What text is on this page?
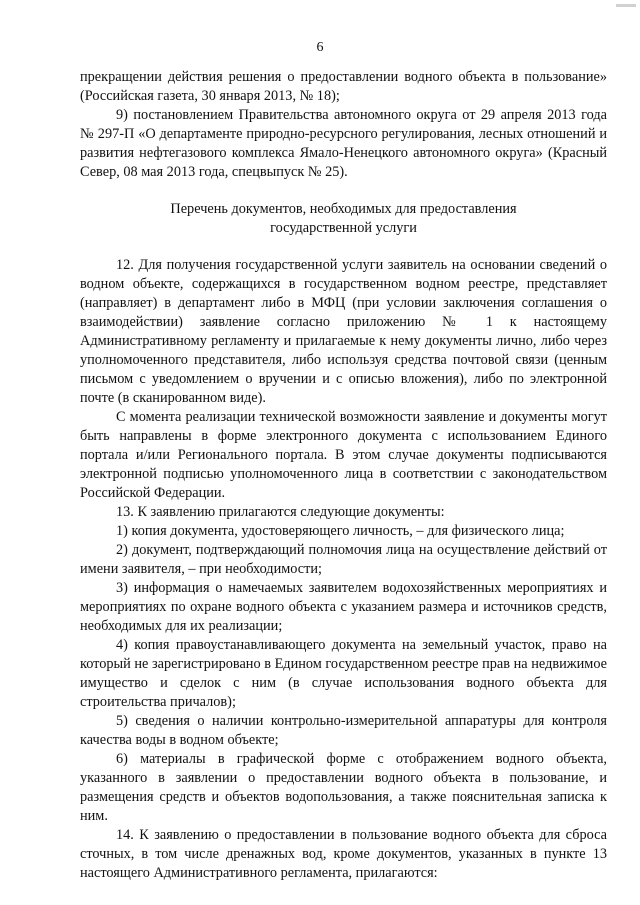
6

прекращении действия решения о предоставлении водного объекта в пользование» (Российская газета, 30 января 2013, № 18);

9) постановлением Правительства автономного округа от 29 апреля 2013 года № 297-П «О департаменте природно-ресурсного регулирования, лесных отношений и развития нефтегазового комплекса Ямало-Ненецкого автономного округа» (Красный Север, 08 мая 2013 года, спецвыпуск № 25).

Перечень документов, необходимых для предоставления
государственной услуги

12. Для получения государственной услуги заявитель на основании сведений о водном объекте, содержащихся в государственном водном реестре, представляет (направляет) в департамент либо в МФЦ (при условии заключения соглашения о взаимодействии) заявление согласно приложению № 1 к настоящему Административному регламенту и прилагаемые к нему документы лично, либо через уполномоченного представителя, либо используя средства почтовой связи (ценным письмом с уведомлением о вручении и с описью вложения), либо по электронной почте (в сканированном виде).

С момента реализации технической возможности заявление и документы могут быть направлены в форме электронного документа с использованием Единого портала и/или Регионального портала. В этом случае документы подписываются электронной подписью уполномоченного лица в соответствии с законодательством Российской Федерации.

13. К заявлению прилагаются следующие документы:

1) копия документа, удостоверяющего личность, – для физического лица;

2) документ, подтверждающий полномочия лица на осуществление действий от имени заявителя, – при необходимости;

3) информация о намечаемых заявителем водохозяйственных мероприятиях и мероприятиях по охране водного объекта с указанием размера и источников средств, необходимых для их реализации;

4) копия правоустанавливающего документа на земельный участок, право на который не зарегистрировано в Едином государственном реестре прав на недвижимое имущество и сделок с ним (в случае использования водного объекта для строительства причалов);

5) сведения о наличии контрольно-измерительной аппаратуры для контроля качества воды в водном объекте;

6) материалы в графической форме с отображением водного объекта, указанного в заявлении о предоставлении водного объекта в пользование, и размещения средств и объектов водопользования, а также пояснительная записка к ним.

14. К заявлению о предоставлении в пользование водного объекта для сброса сточных, в том числе дренажных вод, кроме документов, указанных в пункте 13 настоящего Административного регламента, прилагаются:
